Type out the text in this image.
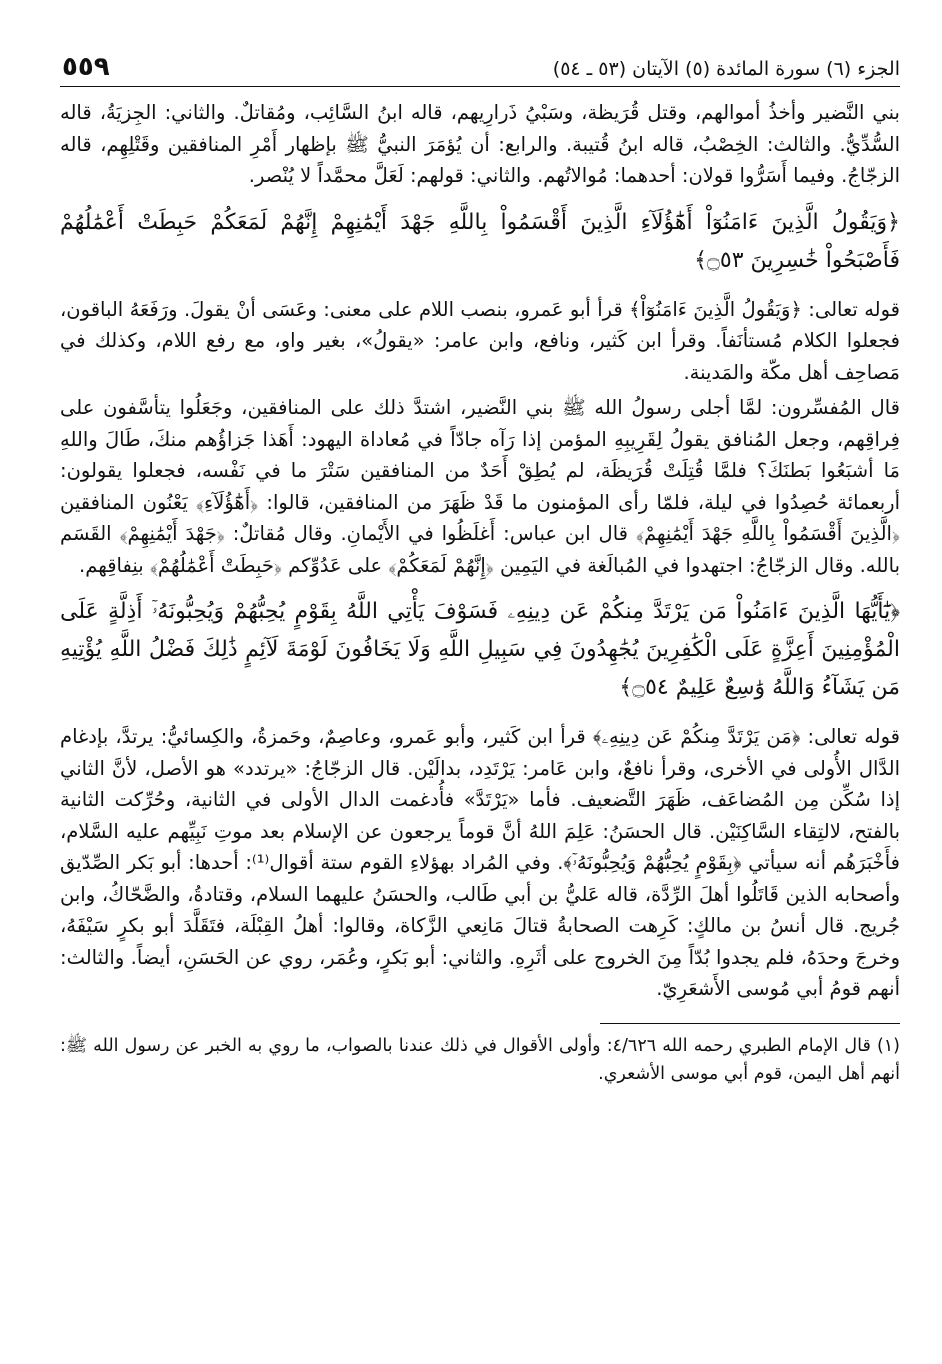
الجزء (٦) سورة المائدة (٥) الآيتان (٥٣ ـ ٥٤)
٥٥٩

بني النَّضير وأخذُ أموالهم، وقتل قُرَيظة، وسَبْيُ ذَرارِيهم، قاله ابنُ السَّائِب، ومُقاتلٌ. والثاني: الجِزيَةُ، قاله السُّدِّيُّ. والثالث: الخِصْبُ، قاله ابنُ قُتيبة. والرابع: أن يُؤمَرَ النبيُّ ﷺ بإظهار أَمْرِ المنافقين وقَتْلِهِم، قاله الزجّاجُ. وفيما أَسَرُّوا قولان: أحدهما: مُوالاتُهم. والثاني: قولهم: لَعَلَّ محمَّداً لا يُنْصر.

﴿وَيَقُولُ الَّذِينَ ءَامَنُوٓاْ أَهَٰٓؤُلَآءِ الَّذِينَ أَقْسَمُواْ بِاللَّهِ جَهْدَ أَيْمَٰنِهِمْ إِنَّهُمْ لَمَعَكُمْ حَبِطَتْ أَعْمَٰلُهُمْ فَأَصْبَحُواْ خَٰسِرِينَ ۝٥٣﴾

قوله تعالى: ﴿وَيَقُولُ الَّذِينَ ءَامَنُوٓاْ﴾ قرأ أبو عَمرو، بنصب اللام على معنى: وعَسَى أنْ يقولَ. ورَفَعَهُ الباقون، فجعلوا الكلام مُستأنَفاً. وقرأ ابن كَثير، ونافع، وابن عامر: «يقولُ»، بغير واو، مع رفع اللام، وكذلك في مَصاحِف أهل مكّة والمَدينة.

قال المُفسِّرون: لمَّا أجلى رسولُ الله ﷺ بني النَّضير، اشتدَّ ذلك على المنافقين، وجَعَلُوا يتأسَّفون على فِراقِهم، وجعل المُنافق يقولُ لِقَرِيبِهِ المؤمن إذا رَآه جادّاً في مُعاداة اليهود: أَهَذا جَزاؤُهم منكَ، طَالَ واللهِ مَا أشبَعُوا بَطنَكَ؟ فلمَّا قُتِلَتْ قُرَيظَة، لم يُطِقْ أَحَدٌ من المنافقين سَتْرَ ما في نَفْسه، فجعلوا يقولون: أربعمائة حُصِدُوا في ليلة، فلمّا رأى المؤمنون ما قَدْ ظَهَرَ من المنافقين، قالوا: ﴿أَهَٰٓؤُلَآءِ﴾ يَعْنُون المنافقين ﴿الَّذِينَ أَقْسَمُواْ بِاللَّهِ جَهْدَ أَيْمَٰنِهِمْ﴾ قال ابن عباس: أَغلَظُوا في الأَيْمانِ. وقال مُقاتلٌ: ﴿جَهْدَ أَيْمَٰنِهِمْ﴾ القَسَم بالله. وقال الزجّاجُ: اجتهدوا في المُبالَغة في اليَمِين ﴿إِنَّهُمْ لَمَعَكُمْ﴾ على عَدُوِّكم ﴿حَبِطَتْ أَعْمَٰلُهُمْ﴾ بنِفاقِهم.

﴿يَٰٓأَيُّهَا الَّذِينَ ءَامَنُواْ مَن يَرْتَدَّ مِنكُمْ عَن دِينِهِۦ فَسَوْفَ يَأْتِي اللَّهُ بِقَوْمٍ يُحِبُّهُمْ وَيُحِبُّونَهُۥٓ أَذِلَّةٍ عَلَى الْمُؤْمِنِينَ أَعِزَّةٍ عَلَى الْكَٰفِرِينَ يُجَٰهِدُونَ فِي سَبِيلِ اللَّهِ وَلَا يَخَافُونَ لَوْمَةَ لَآئِمٍ ذَٰلِكَ فَضْلُ اللَّهِ يُؤْتِيهِ مَن يَشَآءُ وَاللَّهُ وَٰسِعٌ عَلِيمٌ ۝٥٤﴾

قوله تعالى: ﴿مَن يَرْتَدَّ مِنكُمْ عَن دِينِهِۦ﴾ قرأ ابن كَثير، وأبو عَمرو، وعاصِمٌ، وحَمزةُ، والكِسائيُّ: يرتدَّ، بإدغام الدَّال الأُولى في الأخرى، وقرأ نافعٌ، وابن عَامر: يَرْتَدِد، بدالَيْن. قال الزجّاجُ: «يرتدد» هو الأصل، لأنَّ الثاني إذا سُكِّن مِن المُضاعَف، ظَهَرَ التَّضعيف. فأما «يَرْتَدَّ» فأُدغمت الدال الأولى في الثانية، وحُرِّكت الثانية بالفتح، لالتِقاء السَّاكِنَيْن. قال الحسَنُ: عَلِمَ اللهُ أنَّ قوماً يرجعون عن الإسلام بعد موتِ نَبِيِّهم عليه السَّلام، فأَخْبَرَهُم أنه سيأتي ﴿بِقَوْمٍ يُحِبُّهُمْ وَيُحِبُّونَهُۥٓ﴾. وفي المُراد بهؤلاءِ القوم ستة أقوال⁽¹⁾: أحدها: أبو بَكر الصِّدّيق وأصحابه الذين قَاتَلُوا أهلَ الرِّدَّة، قاله عَليُّ بن أبي طَالب، والحسَنُ عليهما السلام، وقتادةُ، والضَّحّاكُ، وابن جُريج. قال أنسُ بن مالكٍ: كَرِهت الصحابةُ قتالَ مَانِعي الزَّكاة، وقالوا: أهلُ القِبْلَة، فتَقَلَّدَ أبو بكرٍ سَيْفَهُ، وخرجَ وحدَهُ، فلم يجدوا بُدّاً مِنَ الخروج على أثَرِهِ. والثاني: أبو بَكرٍ، وعُمَر، روي عن الحَسَنِ، أيضاً. والثالث: أنهم قومُ أبي مُوسى الأَشعَرِيّ.

(١) قال الإمام الطبري رحمه الله ٤/٦٢٦: وأولى الأقوال في ذلك عندنا بالصواب، ما روي به الخبر عن رسول الله ﷺ: أنهم أهل اليمن، قوم أبي موسى الأشعري.
